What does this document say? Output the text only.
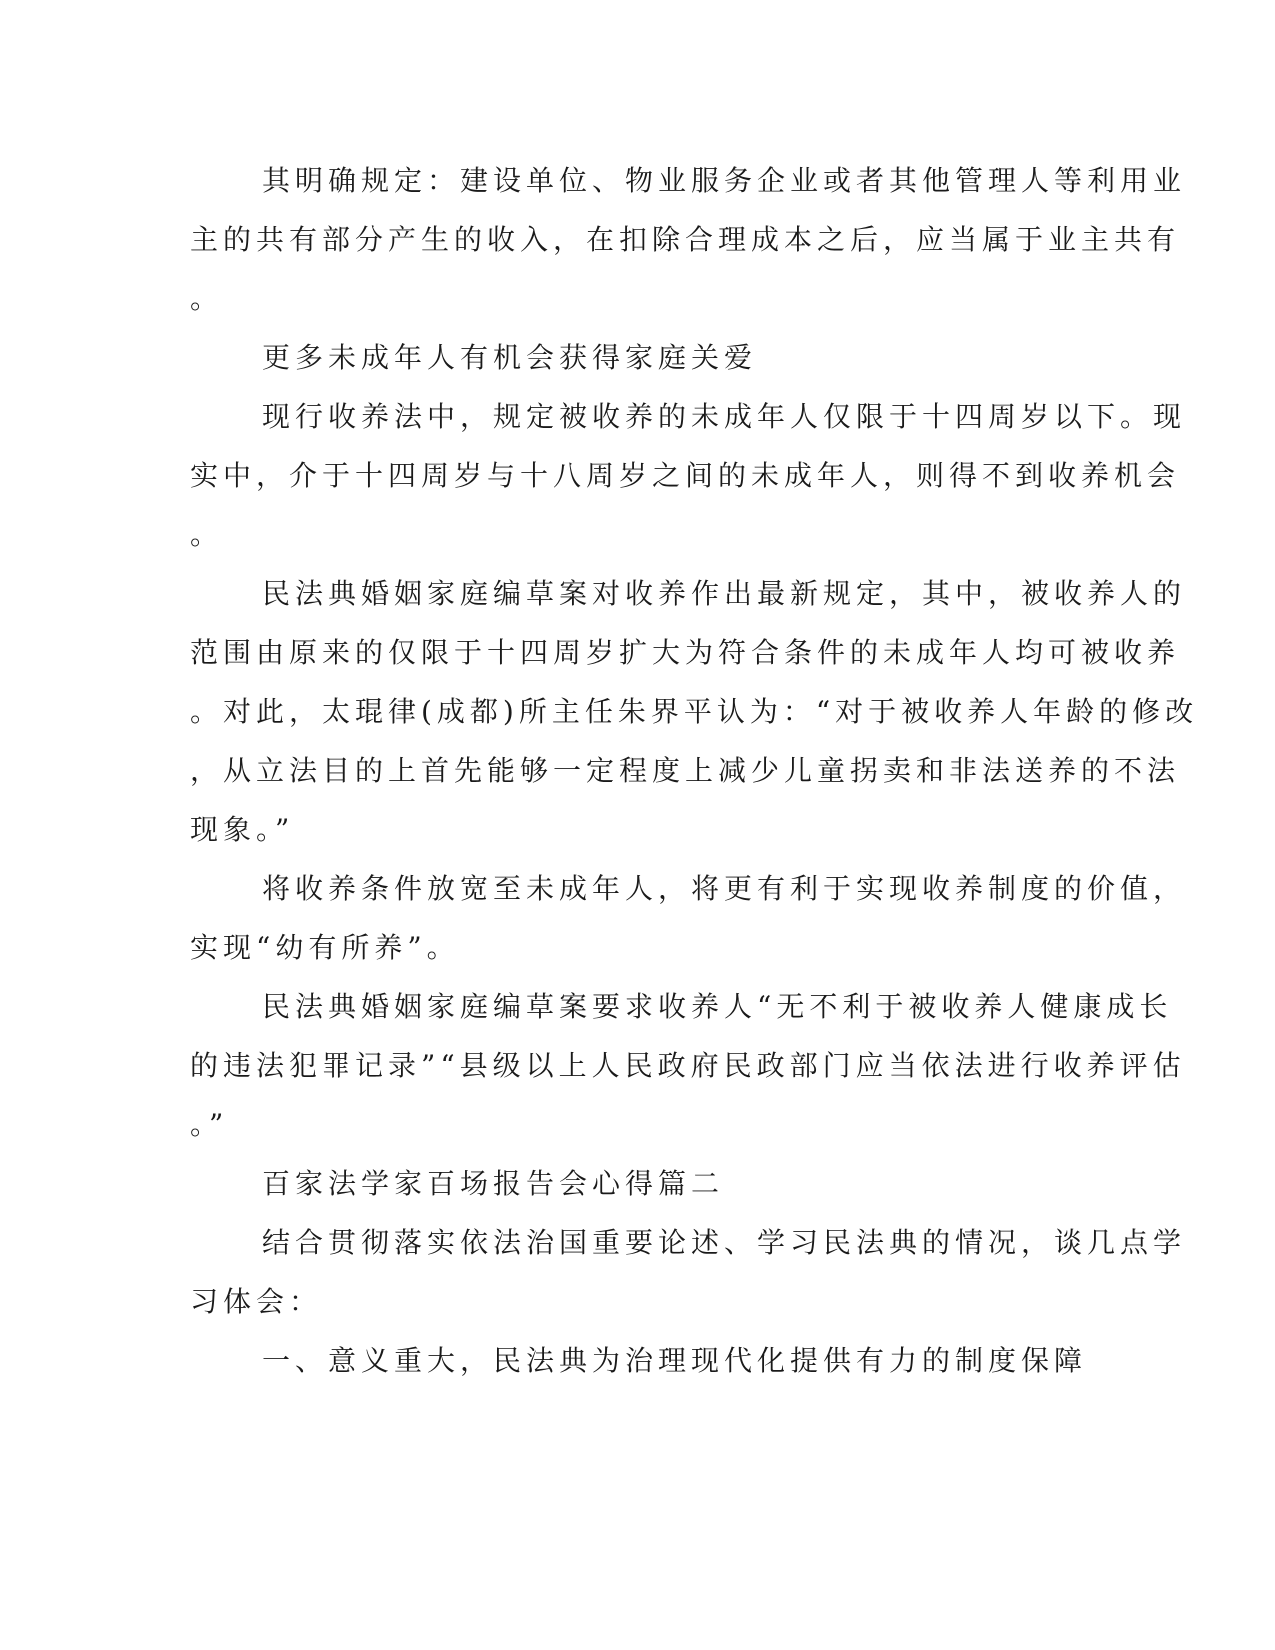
其明确规定：建设单位、物业服务企业或者其他管理人等利用业
主的共有部分产生的收入，在扣除合理成本之后，应当属于业主共有
。
更多未成年人有机会获得家庭关爱
现行收养法中，规定被收养的未成年人仅限于十四周岁以下。现
实中，介于十四周岁与十八周岁之间的未成年人，则得不到收养机会
。
民法典婚姻家庭编草案对收养作出最新规定，其中，被收养人的
范围由原来的仅限于十四周岁扩大为符合条件的未成年人均可被收养
。对此，太琨律(成都)所主任朱界平认为：“对于被收养人年龄的修改
，从立法目的上首先能够一定程度上减少儿童拐卖和非法送养的不法
现象。”
将收养条件放宽至未成年人，将更有利于实现收养制度的价值，
实现“幼有所养”。
民法典婚姻家庭编草案要求收养人“无不利于被收养人健康成长
的违法犯罪记录”“县级以上人民政府民政部门应当依法进行收养评估
。”
百家法学家百场报告会心得篇二
结合贯彻落实依法治国重要论述、学习民法典的情况，谈几点学
习体会：
一、意义重大，民法典为治理现代化提供有力的制度保障
